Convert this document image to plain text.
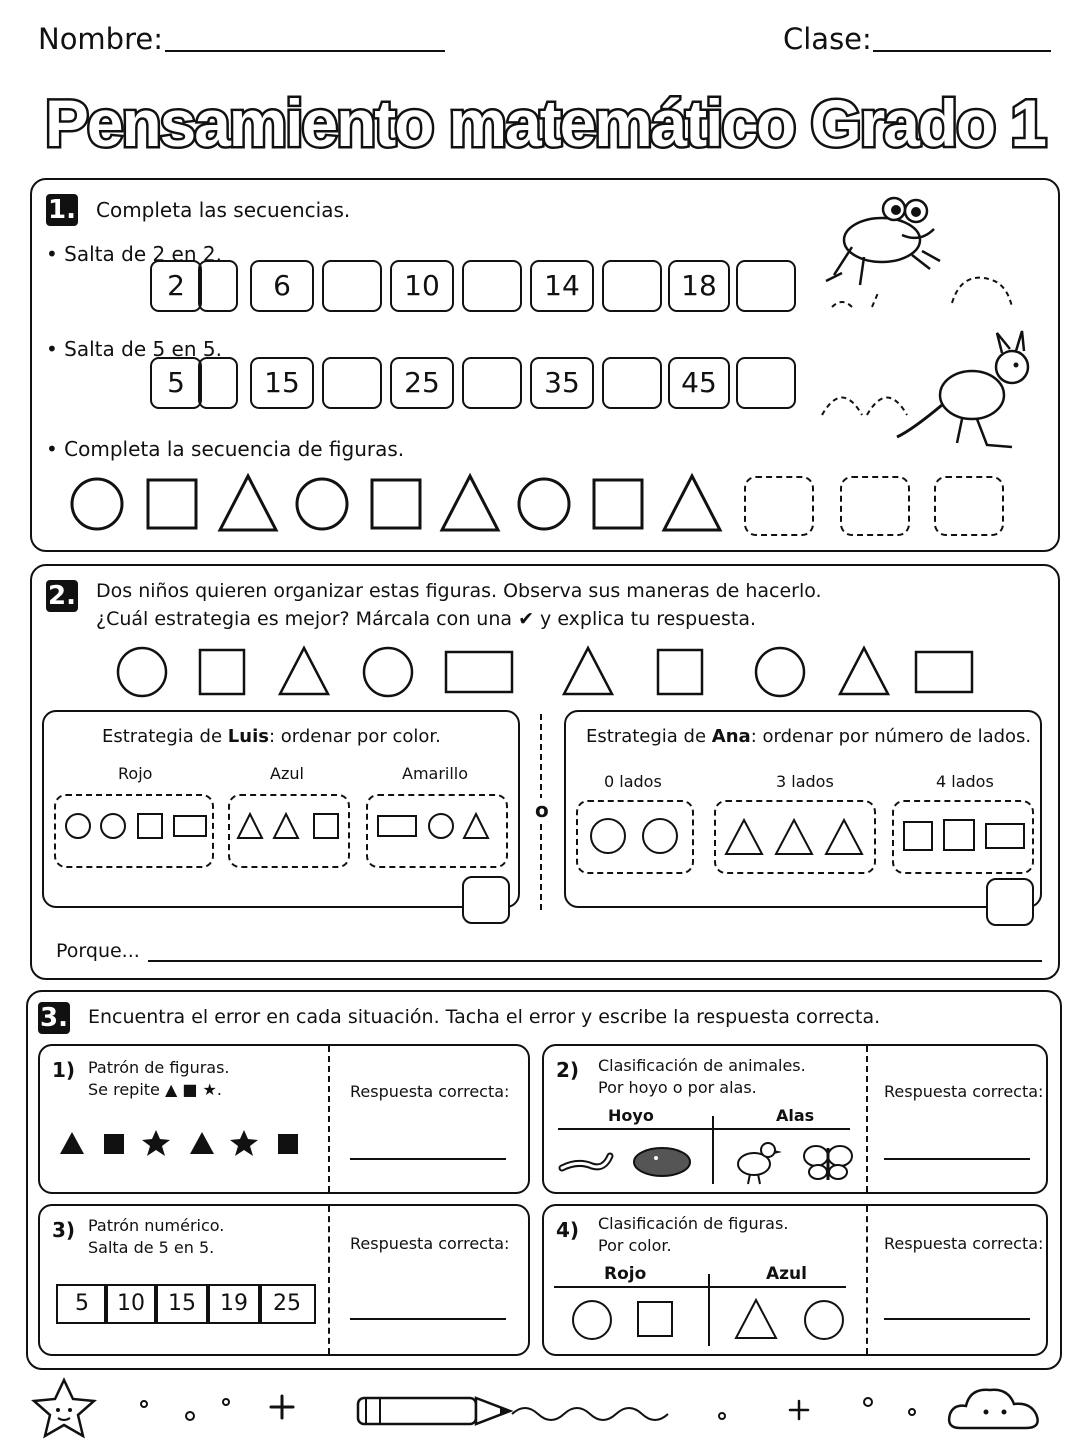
Nombre:	Clase:
Pensamiento matemático Grado 1
1. Completa las secuencias.
• Salta de 2 en 2.
• Salta de 5 en 5.
• Completa la secuencia de figuras.
2	6	10	14	18
5	15	25	35	45
2. Dos niños quieren organizar estas figuras. Observa sus maneras de hacerlo.
¿Cuál estrategia es mejor? Márcala con una ✔ y explica tu respuesta.
Estrategia de Luis: ordenar por color.
Rojo	Azul	Amarillo
o
Estrategia de Ana: ordenar por número de lados.
0 lados	3 lados	4 lados
Porque...
3. Encuentra el error en cada situación. Tacha el error y escribe la respuesta correcta.
1) Patrón de figuras.
Se repite ▲ ■ ★.	Respuesta correcta:
2) Clasificación de animales.
Por hoyo o por alas.
Hoyo	Alas
Respuesta correcta:
3) Patrón numérico.
Salta de 5 en 5.
5	10	15	19	25
Respuesta correcta:
4) Clasificación de figuras.
Por color.
Rojo	Azul
Respuesta correcta:
